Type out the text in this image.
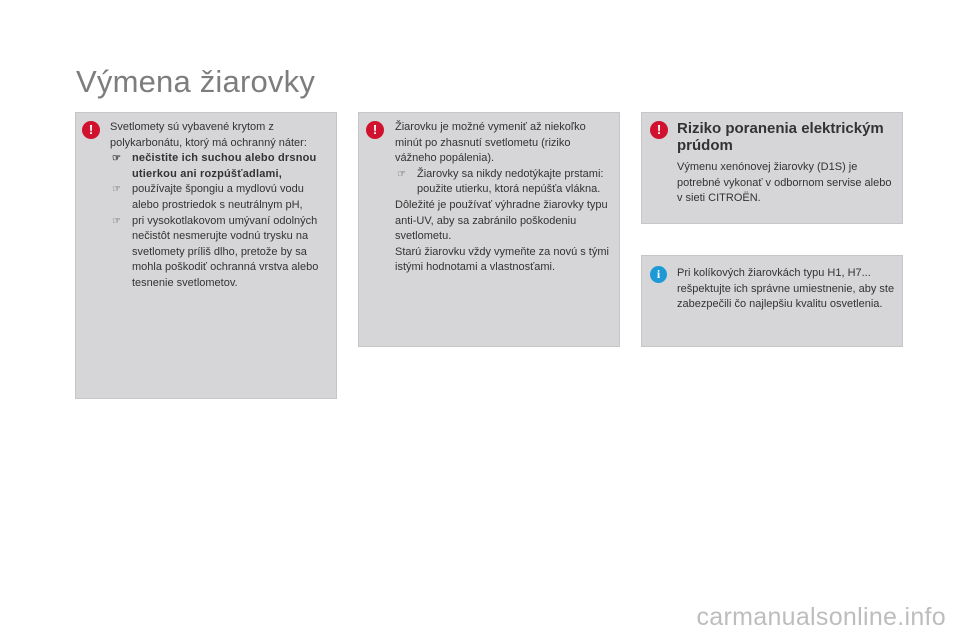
Výmena žiarovky
!	Svetlomety sú vybavené krytom z polykarbonátu, ktorý má ochranný náter:

☞ nečistite ich suchou alebo drsnou utierkou ani rozpúšťadlami,

☞ používajte špongiu a mydlovú vodu alebo prostriedok s neutrálnym pH,

☞ pri vysokotlakovom umývaní odolných nečistôt nesmerujte vodnú trysku na svetlomety príliš dlho, pretože by sa mohla poškodiť ochranná vrstva alebo tesnenie svetlometov.

!	Žiarovku je možné vymeniť až niekoľko minút po zhasnutí svetlometu (riziko vážneho popálenia).

☞ Žiarovky sa nikdy nedotýkajte prstami: použite utierku, ktorá nepúšťa vlákna.

Dôležité je používať výhradne žiarovky typu anti-UV, aby sa zabránilo poškodeniu svetlometu.

Starú žiarovku vždy vymeňte za novú s tými istými hodnotami a vlastnosťami.

!	Riziko poranenia elektrickým prúdom

Výmenu xenónovej žiarovky (D1S) je potrebné vykonať v odbornom servise alebo v sieti CITROËN.

i	Pri kolíkových žiarovkách typu H1, H7... rešpektujte ich správne umiestnenie, aby ste zabezpečili čo najlepšiu kvalitu osvetlenia.

carmanualsonline.info
